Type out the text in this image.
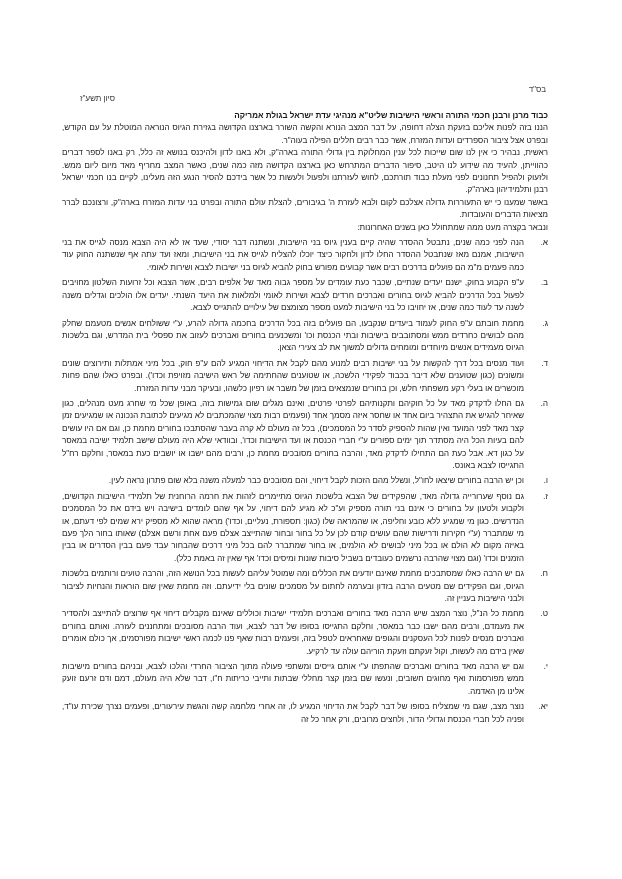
בס"ד
סיון תשע"ז

כבוד מרנן ורבנן חכמי התורה וראשי הישיבות שליט"א מנהיגי עדת ישראל בגולת אמריקה

הננו בזה לפנות אליכם בזעקת הצלה דחופה, על דבר המצב הנורא והקשה השורר בארצנו הקדושה בגזירת הגיוס הנוראה המוטלת על עם הקודש, ובפרט אצל ציבור הספרדים ועדות המזרח, אשר כבר רבים חללים הפילה בעוה"ר.

ראשית, נבהיר כי אין לנו שום שייכות לכל ענין המחלוקת בין גדולי התורה בארה"ק, ולא באנו לדון ולהיכנס בנושא זה כלל, רק באנו לספר דברים כהווייתן, להעיד מה שידוע לנו היטב, סיפור הדברים המתרחש כאן בארצנו הקדושה מזה כמה שנים, כאשר המצב מחריף מאד מיום ליום ממש. ולזעוק ולהפיל תחנונים לפני מעלת כבוד תורתכם, לחוש לעזרתנו ולפעול ולעשות כל אשר בידכם להסיר הנגע הזה מעלינו, לקיים בנו חכמי ישראל רבנן ותלמידיהון בארה"ק.

באשר שמענו כי יש התעוררות גדולה אצלכם לקום ולבא לעזרת ה' בגיבורים, להצלת עולם התורה ובפרט בני עדות המזרח בארה"ק, ורצונכם לברר מציאות הדברים והעובדות.

ונבאר בקצרה מעט ממה שמתחולל כאן בשנים האחרונות:

א.
הנה לפני כמה שנים, נתבטל ההסדר שהיה קיים בענין גיוס בני הישיבות, ונשתנה דבר יסודי, שעד אז לא היה הצבא מנסה לגייס את בני הישיבות, אמנם מאז שנתבטל ההסדר החלו לדון ולחקור כיצד יוכלו להצליח לגייס את בני הישיבות, ומאז ועד עתה אף שנשתנה החוק עוד כמה פעמים מ"מ הם פועלים בדרכים רבים אשר קבועים מפורש בחוק להביא לגיוס בני ישיבות לצבא ושירות לאומי.
ב.
ע"פ הקבוע בחוק, ישנם יעדים שנתיים, שכבר כעת עומדים על מספר גבוה מאד של אלפים רבים, אשר הצבא וכל זרועות השלטון מחויבים לפעול בכל הדרכים להביא לגיוס בחורים ואברכים חרדים לצבא ושירות לאומי ולמלאות את היעד השנתי. יעדים אלו הולכים וגדלים משנה לשנה עד לעוד כמה שנים, אז יחויבו כל בני הישיבות למעט מספר מצומצם של עילויים להתגייס לצבא.
ג.
מחמת חובתם ע"פ החוק לעמוד ביעדים שנקבעו, הם פועלים בזה בכל הדרכים בחכמה גדולה להרע, ע"י ששולחים אנשים מטעמם שחלק מהם לבושים כחרדים ממש ומסתובבים בישיבות ובתי הכנסת וכו' ומשכנעים בחורים ואברכים לעזוב את ספסלי בית המדרש, וגם בלשכות הגיוס מעמידים אנשים מיוחדים ומומחים גדולים למשוך את לב צעירי הצאן.
ד.
ועוד מנסים בכל דרך להקשות על בני ישיבות רבים למנוע מהם לקבל את הדיחוי המגיע להם ע"פ חוק, בכל מיני אמתלות ותירוצים שונים ומשונים (כגון שטוענים שלא דיבר בכבוד לפקידי הלשכה, או שטוענים שהחתימה של ראש הישיבה מזויפת וכדו'). ובפרט כאלו שהם פחות מוכשרים או בעלי רקע משפחתי חלש, וכן בחורים שנמצאים בזמן של משבר או רפיון כלשהו, ובעיקר מבני עדות המזרח.
ה.
גם החלו לדקדק מאד על כל חוקיהם ותקנותיהם לפרטי פרטים, ואינם מגלים שום גמישות בזה, באופן שכל מי שחרג מעט מנהלים, כגון שאיחר להגיש את התצהיר ביום אחד או שחסר איזה מסמך אחד (ופעמים רבות מצוי שהמכתבים לא מגיעים לכתובת הנכונה או שמגיעים זמן קצר מאד לפני המועד ואין שהות להספיק לסדר כל המסמכים), בכל זה מעולם לא קרה בעבר שהסתבכו בחורים מחמת כן, וגם אם היו עושים להם בעיות הכל היה מסתדר תוך ימים ספורים ע"י חברי הכנסת או ועד הישיבות וכדו', ובוודאי שלא היה מעולם שישב תלמיד ישיבה במאסר על כגון דא. אבל כעת הם התחילו לדקדק מאד, והרבה בחורים מסובכים מחמת כן, ורבים מהם ישבו או יושבים כעת במאסר, וחלקם רח"ל התגייסו לצבא באונס.
ו.
וכן יש הרבה בחורים שיצאו לחו"ל, ונשלל מהם הזכות לקבל דיחוי, והם מסובכים כבר למעלה משנה בלא שום פתרון נראה לעין.
ז.
גם נוסף שערורייה גדולה מאד, שהפקידים של הצבא בלשכות הגיוס מתיימרים לזהות את חרמה הרוחנית של תלמידי הישיבות הקדושים, ולקבוע ולטעון על בחורים כי אינם בני תורה מספיק וע"כ לא מגיע להם דיחוי, על אף שהם לומדים בישיבה ויש בידם את כל המסמכים הנדרשים. כגון מי שמגיע ללא כובע וחליפה, או שהמראה שלו (כגון: תספורת, נעליים, וכדו') מראה שהוא לא מספיק ירא שמים לפי דעתם, או מי שמתברר (ע"י חקירות ודרישות שהם עושים קודם לכן על כל בחור ובחור שהתייצב אצלם פעם אחת ורשם אצלם) שאותו בחור הלך פעם באיזה מקום לא הולם או בכל מיני לבושים לא הולמים, או בחור שמתברר להם בכל מיני דרכים שהבחור עבד פעם בבין הסדרים או בבין הזמנים וכדו' (וגם מצוי שהרבה נרשמים כעובדים בשביל סיבות שונות ומיסים וכדו' אף שאין זה באמת כלל).
ח.
גם יש הרבה כאלו שמסתבכים מחמת שאינם יודעים את הכללים ומה שמוטל עליהם לעשות בכל הנושא הזה, והרבה טועים ורותמים בלשכות הגיוס, וגם הפקידים שם מטעים הרבה בזדון ובערמה לחתום על מסמכים שונים בלי ידיעתם. וזה מחמת שאין שום הוראות והנחיות לציבור ולבני הישיבות בעניין זה.
ט.
מחמת כל הנ"ל, נוצר המצב שיש הרבה מאד בחורים ואברכים תלמידי ישיבות וכוללים שאינם מקבלים דיחוי אף שרוצים להתייצב ולהסדיר את מעמדם, ורבים מהם ישבו כבר במאסר, וחלקם התגייסו בסופו של דבר לצבא, ועוד הרבה מסובכים ומתחננים לעזרה. ואותם בחורים ואברכים מנסים לפנות לכל העסקנים והגופים שאחראים לטפל בזה, ופעמים רבות שאף פנו לכמה ראשי ישיבות מפורסמים, אך כולם אומרים שאין בידם מה לעשות, וקול זעקתם וזעקת הוריהם עולה עד לרקיע.
י.
וגם יש הרבה מאד בחורים ואברכים שהתפתו ע"י אותם גייסים ומשתפי פעולה מתוך הציבור החרדי והלכו לצבא, ובניהם בחורים מישיבות ממש מפורסמות ואף מחוגים חשובים, ונעשו שם בזמן קצר מחללי שבתות ותייבי כריתות ח"ו, דבר שלא היה מעולם, דמם ודם זרעם זועק אלינו מן האדמה.
יא.
נוצר מצב, שגם מי שמצליח בסופו של דבר לקבל את הדיחוי המגיע לו, זה אחרי מלחמה קשה והגשת עירעורים, ופעמים נצרך שכירת עו"ד, ופניה לכל חברי הכנסת וגדולי הדור, ולחצים מרובים, ורק אחר כל זה
